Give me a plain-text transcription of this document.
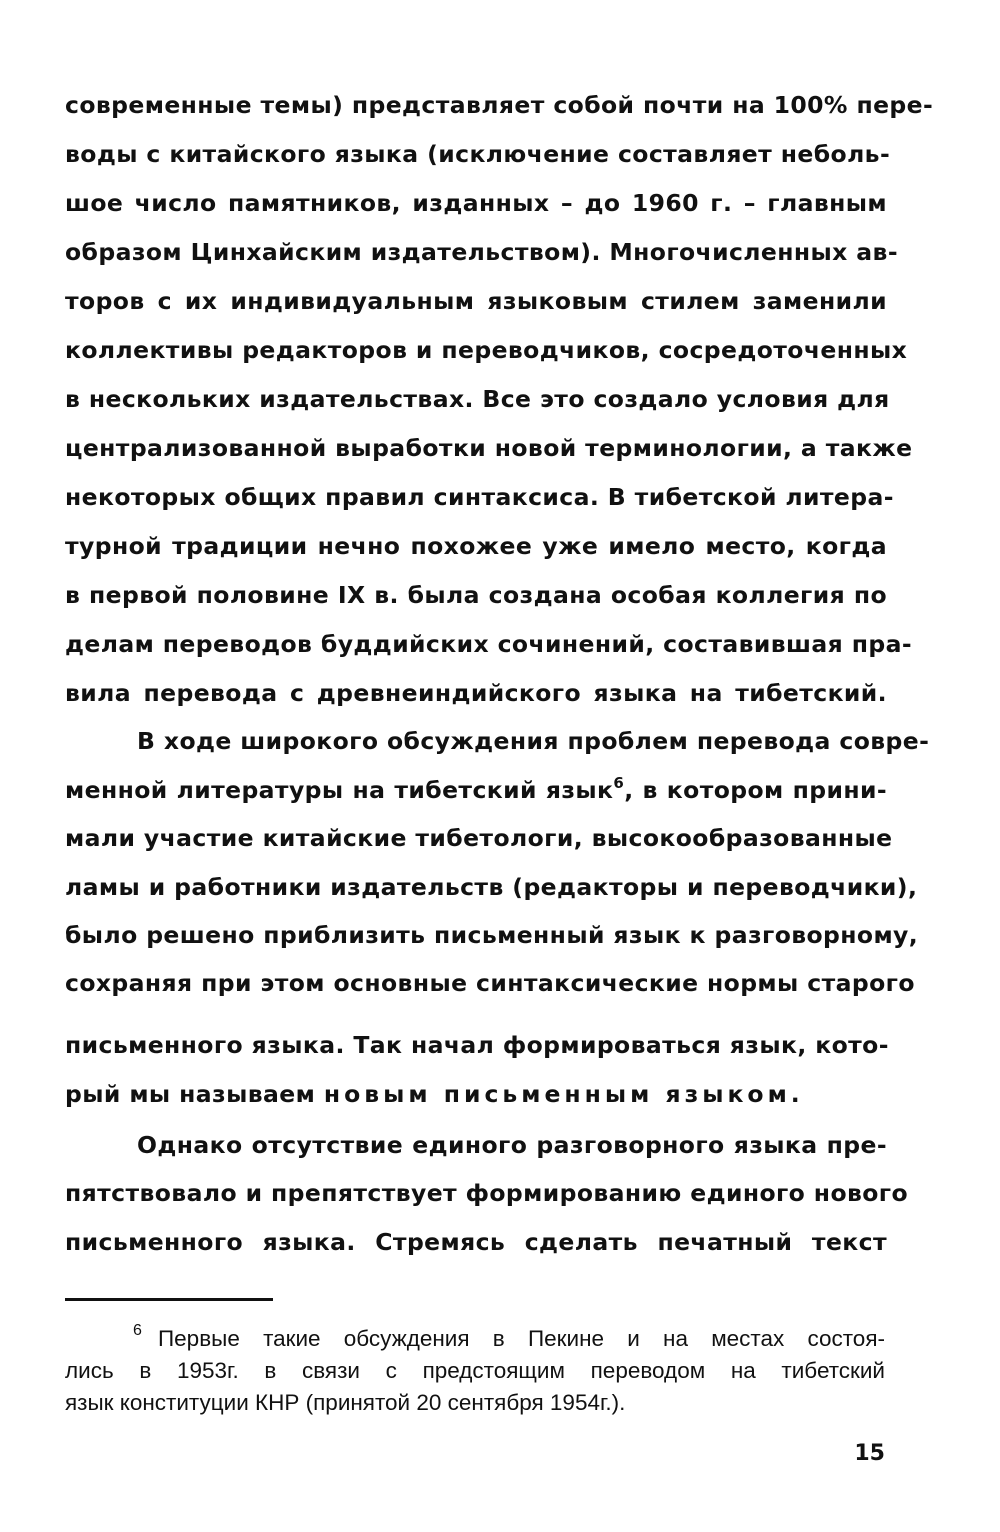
современные темы) представляет собой почти на 100% пере-
воды с китайского языка (исключение составляет неболь-
шое число памятников, изданных – до 1960 г. – главным
образом Цинхайским издательством). Многочисленных ав-
торов с их индивидуальным языковым стилем заменили
коллективы редакторов и переводчиков, сосредоточенных
в нескольких издательствах. Все это создало условия для
централизованной выработки новой терминологии, а также
некоторых общих правил синтаксиса. В тибетской литера-
турной традиции нечно похожее уже имело место, когда
в первой половине IX в. была создана особая коллегия по
делам переводов буддийских сочинений, составившая пра-
вила перевода с древнеиндийского языка на тибетский.
В ходе широкого обсуждения проблем перевода совре-
менной литературы на тибетский язык$^6$, в котором прини-
мали участие китайские тибетологи, высокообразованные
ламы и работники издательств (редакторы и переводчики),
было решено приблизить письменный язык к разговорному,
сохраняя при этом основные синтаксические нормы старого
письменного языка. Так начал формироваться язык, кото-
рый мы называем новым письменным языком.
Однако отсутствие единого разговорного языка пре-
пятствовало и препятствует формированию единого нового
письменного языка. Стремясь сделать печатный текст
6 Первые такие обсуждения в Пекине и на местах состоя-
лись в 1953г. в связи с предстоящим переводом на тибетский
язык конституции КНР (принятой 20 сентября 1954г.).
15
